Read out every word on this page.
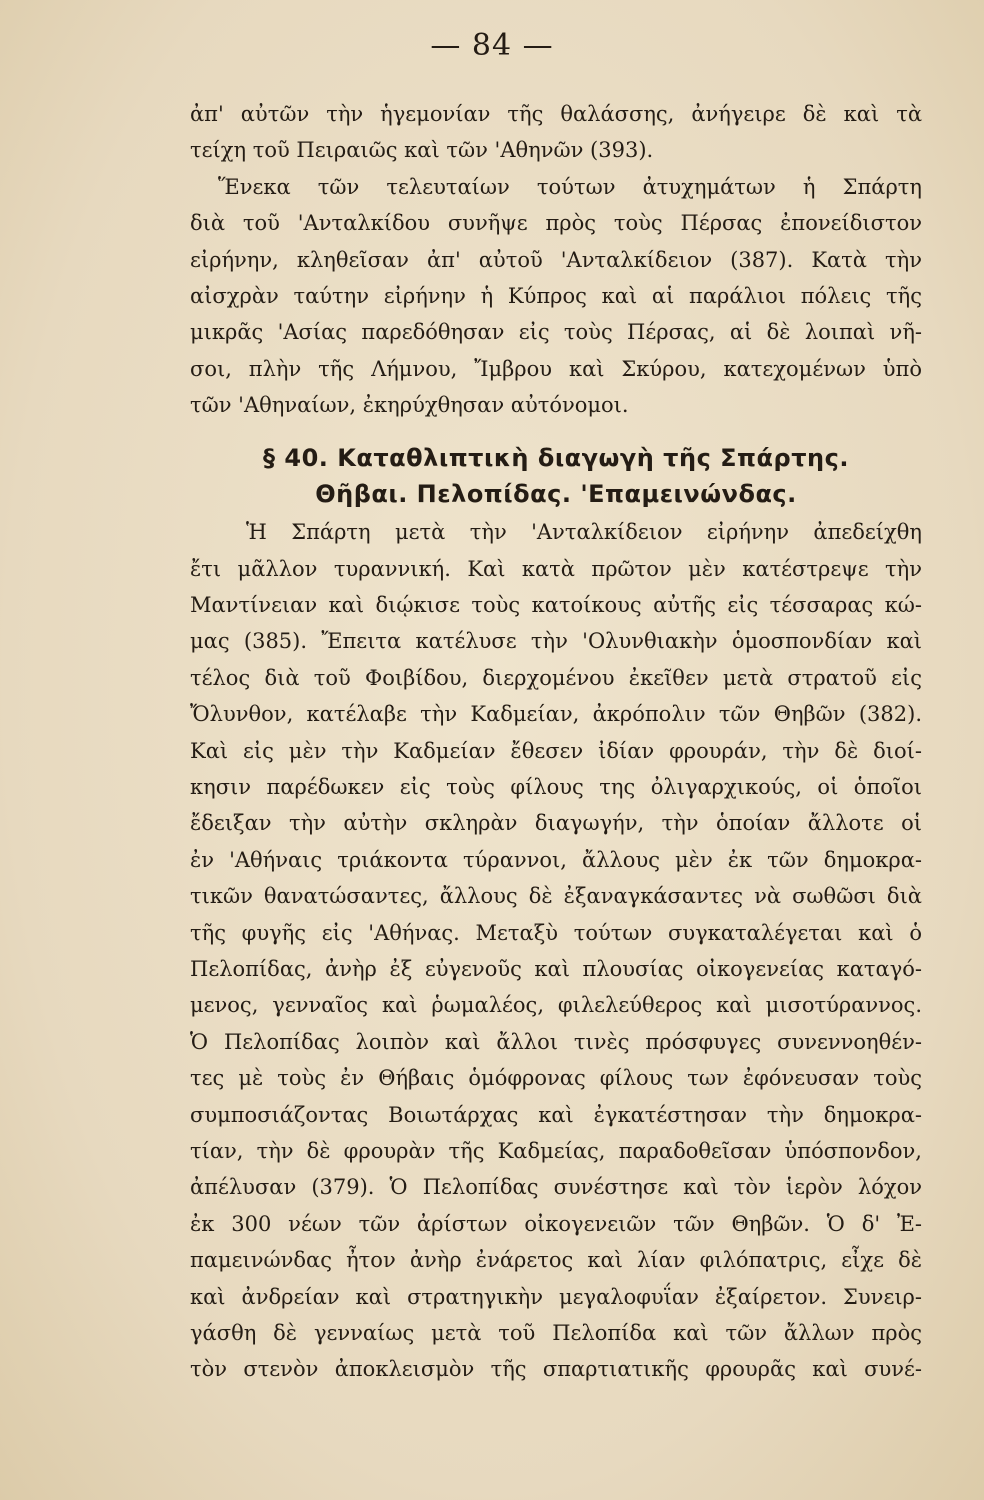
— 84 —
ἀπ' αὐτῶν τὴν ἡγεμονίαν τῆς θαλάσσης, ἀνήγειρε δὲ καὶ τὰ
τείχη τοῦ Πειραιῶς καὶ τῶν 'Αθηνῶν (393).
Ἕνεκα τῶν τελευταίων τούτων ἀτυχημάτων ἡ Σπάρτη
διὰ τοῦ 'Ανταλκίδου συνῆψε πρὸς τοὺς Πέρσας ἐπονείδιστον
εἰρήνην, κληθεῖσαν ἀπ' αὐτοῦ 'Ανταλκίδειον (387). Κατὰ τὴν
αἰσχρὰν ταύτην εἰρήνην ἡ Κύπρος καὶ αἱ παράλιοι πόλεις τῆς
μικρᾶς 'Ασίας παρεδόθησαν εἰς τοὺς Πέρσας, αἱ δὲ λοιπαὶ νῆ-
σοι, πλὴν τῆς Λήμνου, Ἴμβρου καὶ Σκύρου, κατεχομένων ὑπὸ
τῶν 'Αθηναίων, ἐκηρύχθησαν αὐτόνομοι.
§ 40. Καταθλιπτικὴ διαγωγὴ τῆς Σπάρτης.
Θῆβαι. Πελοπίδας. 'Επαμεινώνδας.
Ἡ Σπάρτη μετὰ τὴν 'Ανταλκίδειον εἰρήνην ἀπεδείχθη
ἔτι μᾶλλον τυραννική. Καὶ κατὰ πρῶτον μὲν κατέστρεψε τὴν
Μαντίνειαν καὶ διῴκισε τοὺς κατοίκους αὐτῆς εἰς τέσσαρας κώ-
μας (385). Ἔπειτα κατέλυσε τὴν 'Ολυνθιακὴν ὁμοσπονδίαν καὶ
τέλος διὰ τοῦ Φοιβίδου, διερχομένου ἐκεῖθεν μετὰ στρατοῦ εἰς
Ὄλυνθον, κατέλαβε τὴν Καδμείαν, ἀκρόπολιν τῶν Θηβῶν (382).
Καὶ εἰς μὲν τὴν Καδμείαν ἔθεσεν ἰδίαν φρουράν, τὴν δὲ διοί-
κησιν παρέδωκεν εἰς τοὺς φίλους της ὀλιγαρχικούς, οἱ ὁποῖοι
ἔδειξαν τὴν αὐτὴν σκληρὰν διαγωγήν, τὴν ὁποίαν ἄλλοτε οἱ
ἐν 'Αθήναις τριάκοντα τύραννοι, ἄλλους μὲν ἐκ τῶν δημοκρα-
τικῶν θανατώσαντες, ἄλλους δὲ ἐξαναγκάσαντες νὰ σωθῶσι διὰ
τῆς φυγῆς εἰς 'Αθήνας. Μεταξὺ τούτων συγκαταλέγεται καὶ ὁ
Πελοπίδας, ἀνὴρ ἐξ εὐγενοῦς καὶ πλουσίας οἰκογενείας καταγό-
μενος, γενναῖος καὶ ῥωμαλέος, φιλελεύθερος καὶ μισοτύραννος.
Ὁ Πελοπίδας λοιπὸν καὶ ἄλλοι τινὲς πρόσφυγες συνεννοηθέν-
τες μὲ τοὺς ἐν Θήβαις ὁμόφρονας φίλους των ἐφόνευσαν τοὺς
συμποσιάζοντας Βοιωτάρχας καὶ ἐγκατέστησαν τὴν δημοκρα-
τίαν, τὴν δὲ φρουρὰν τῆς Καδμείας, παραδοθεῖσαν ὑπόσπονδον,
ἀπέλυσαν (379). Ὁ Πελοπίδας συνέστησε καὶ τὸν ἱερὸν λόχον
ἐκ 300 νέων τῶν ἀρίστων οἰκογενειῶν τῶν Θηβῶν. Ὁ δ' Ἐ-
παμεινώνδας ἦτον ἀνὴρ ἐνάρετος καὶ λίαν φιλόπατρις, εἶχε δὲ
καὶ ἀνδρείαν καὶ στρατηγικὴν μεγαλοφυΐαν ἐξαίρετον. Συνειρ-
γάσθη δὲ γενναίως μετὰ τοῦ Πελοπίδα καὶ τῶν ἄλλων πρὸς
τὸν στενὸν ἀποκλεισμὸν τῆς σπαρτιατικῆς φρουρᾶς καὶ συνέ-
